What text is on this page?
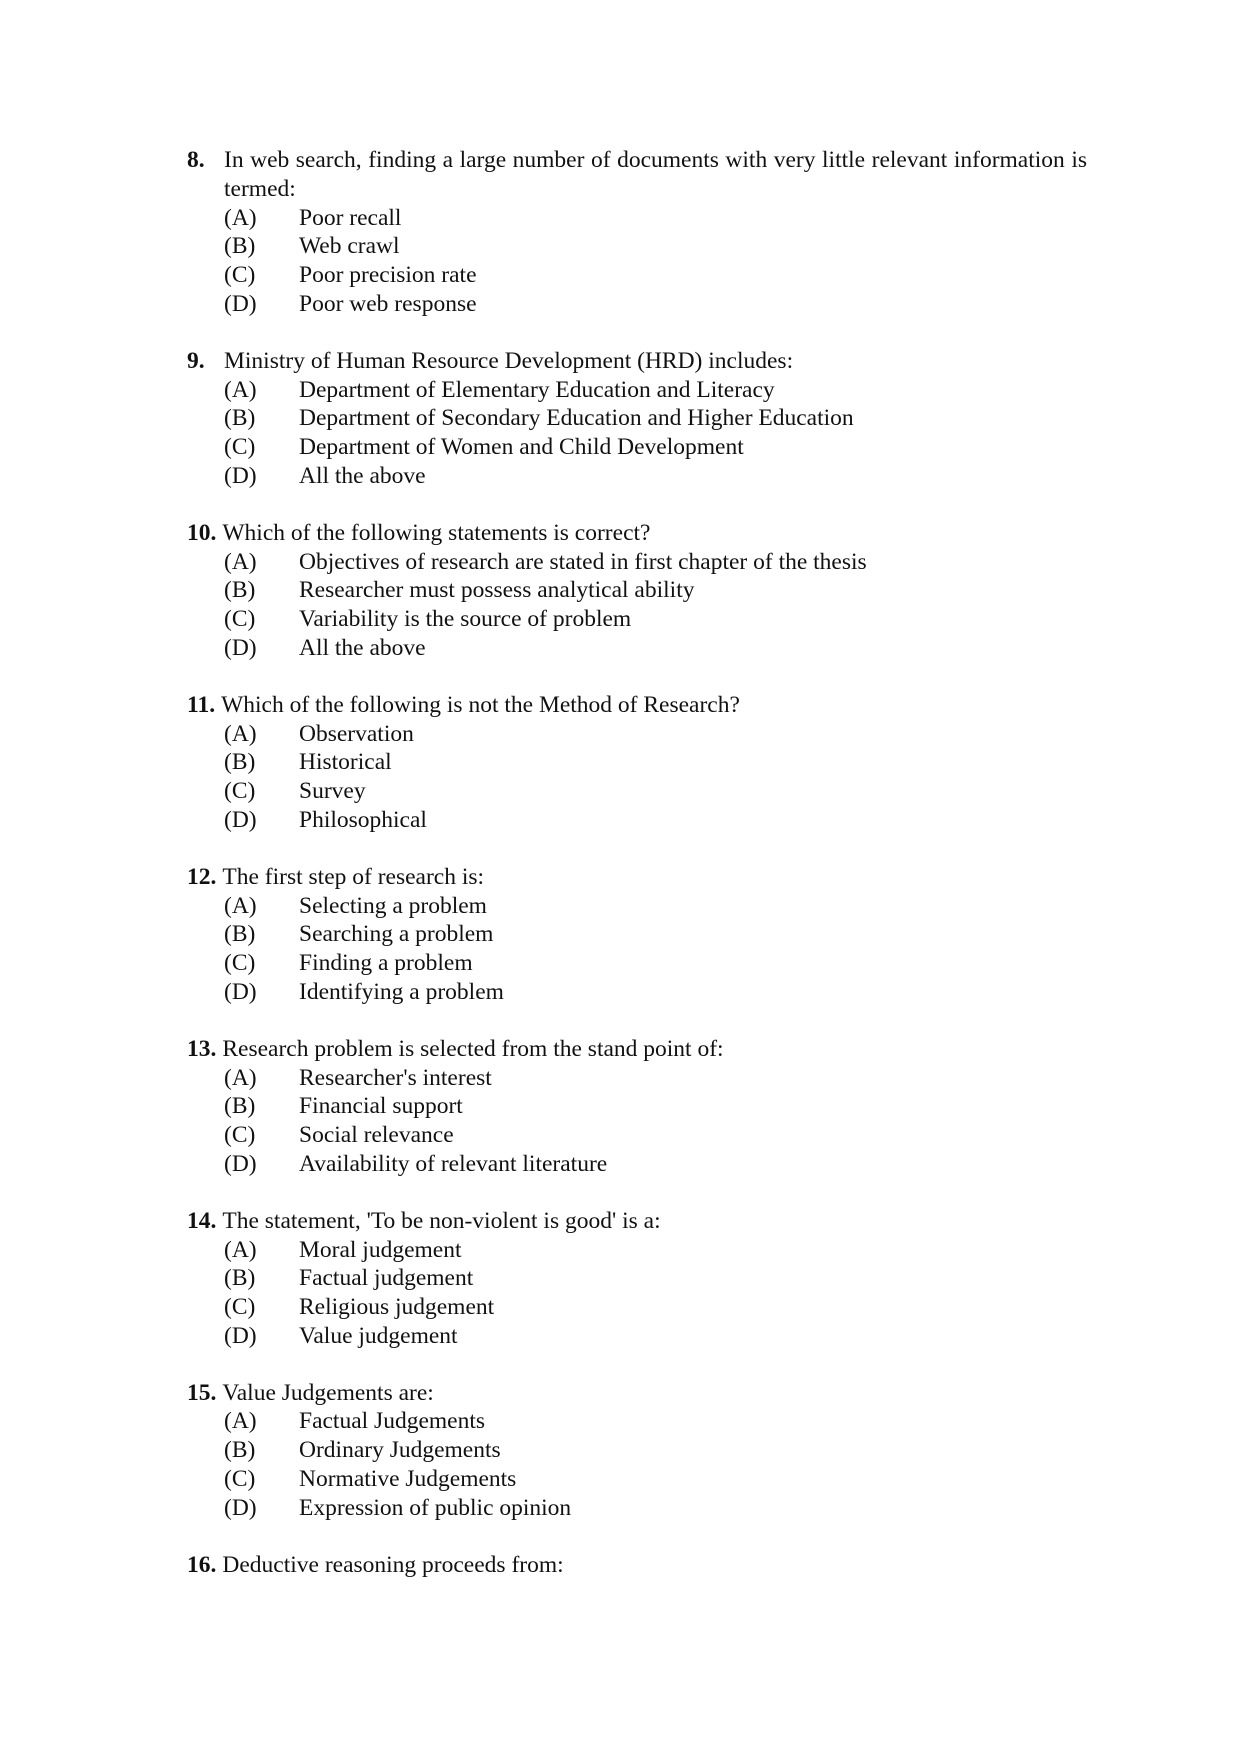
8. In web search, finding a large number of documents with very little relevant information is termed:
(A)	Poor recall
(B)	Web crawl
(C)	Poor precision rate
(D)	Poor web response
9. Ministry of Human Resource Development (HRD) includes:
(A)	Department of Elementary Education and Literacy
(B)	Department of Secondary Education and Higher Education
(C)	Department of Women and Child Development
(D)	All the above
10. Which of the following statements is correct?
(A)	Objectives of research are stated in first chapter of the thesis
(B)	Researcher must possess analytical ability
(C)	Variability is the source of problem
(D)	All the above
11. Which of the following is not the Method of Research?
(A)	Observation
(B)	Historical
(C)	Survey
(D)	Philosophical
12. The first step of research is:
(A)	Selecting a problem
(B)	Searching a problem
(C)	Finding a problem
(D)	Identifying a problem
13. Research problem is selected from the stand point of:
(A)	Researcher's interest
(B)	Financial support
(C)	Social relevance
(D)	Availability of relevant literature
14. The statement, 'To be non-violent is good' is a:
(A)	Moral judgement
(B)	Factual judgement
(C)	Religious judgement
(D)	Value judgement
15. Value Judgements are:
(A)	Factual Judgements
(B)	Ordinary Judgements
(C)	Normative Judgements
(D)	Expression of public opinion
16. Deductive reasoning proceeds from:
